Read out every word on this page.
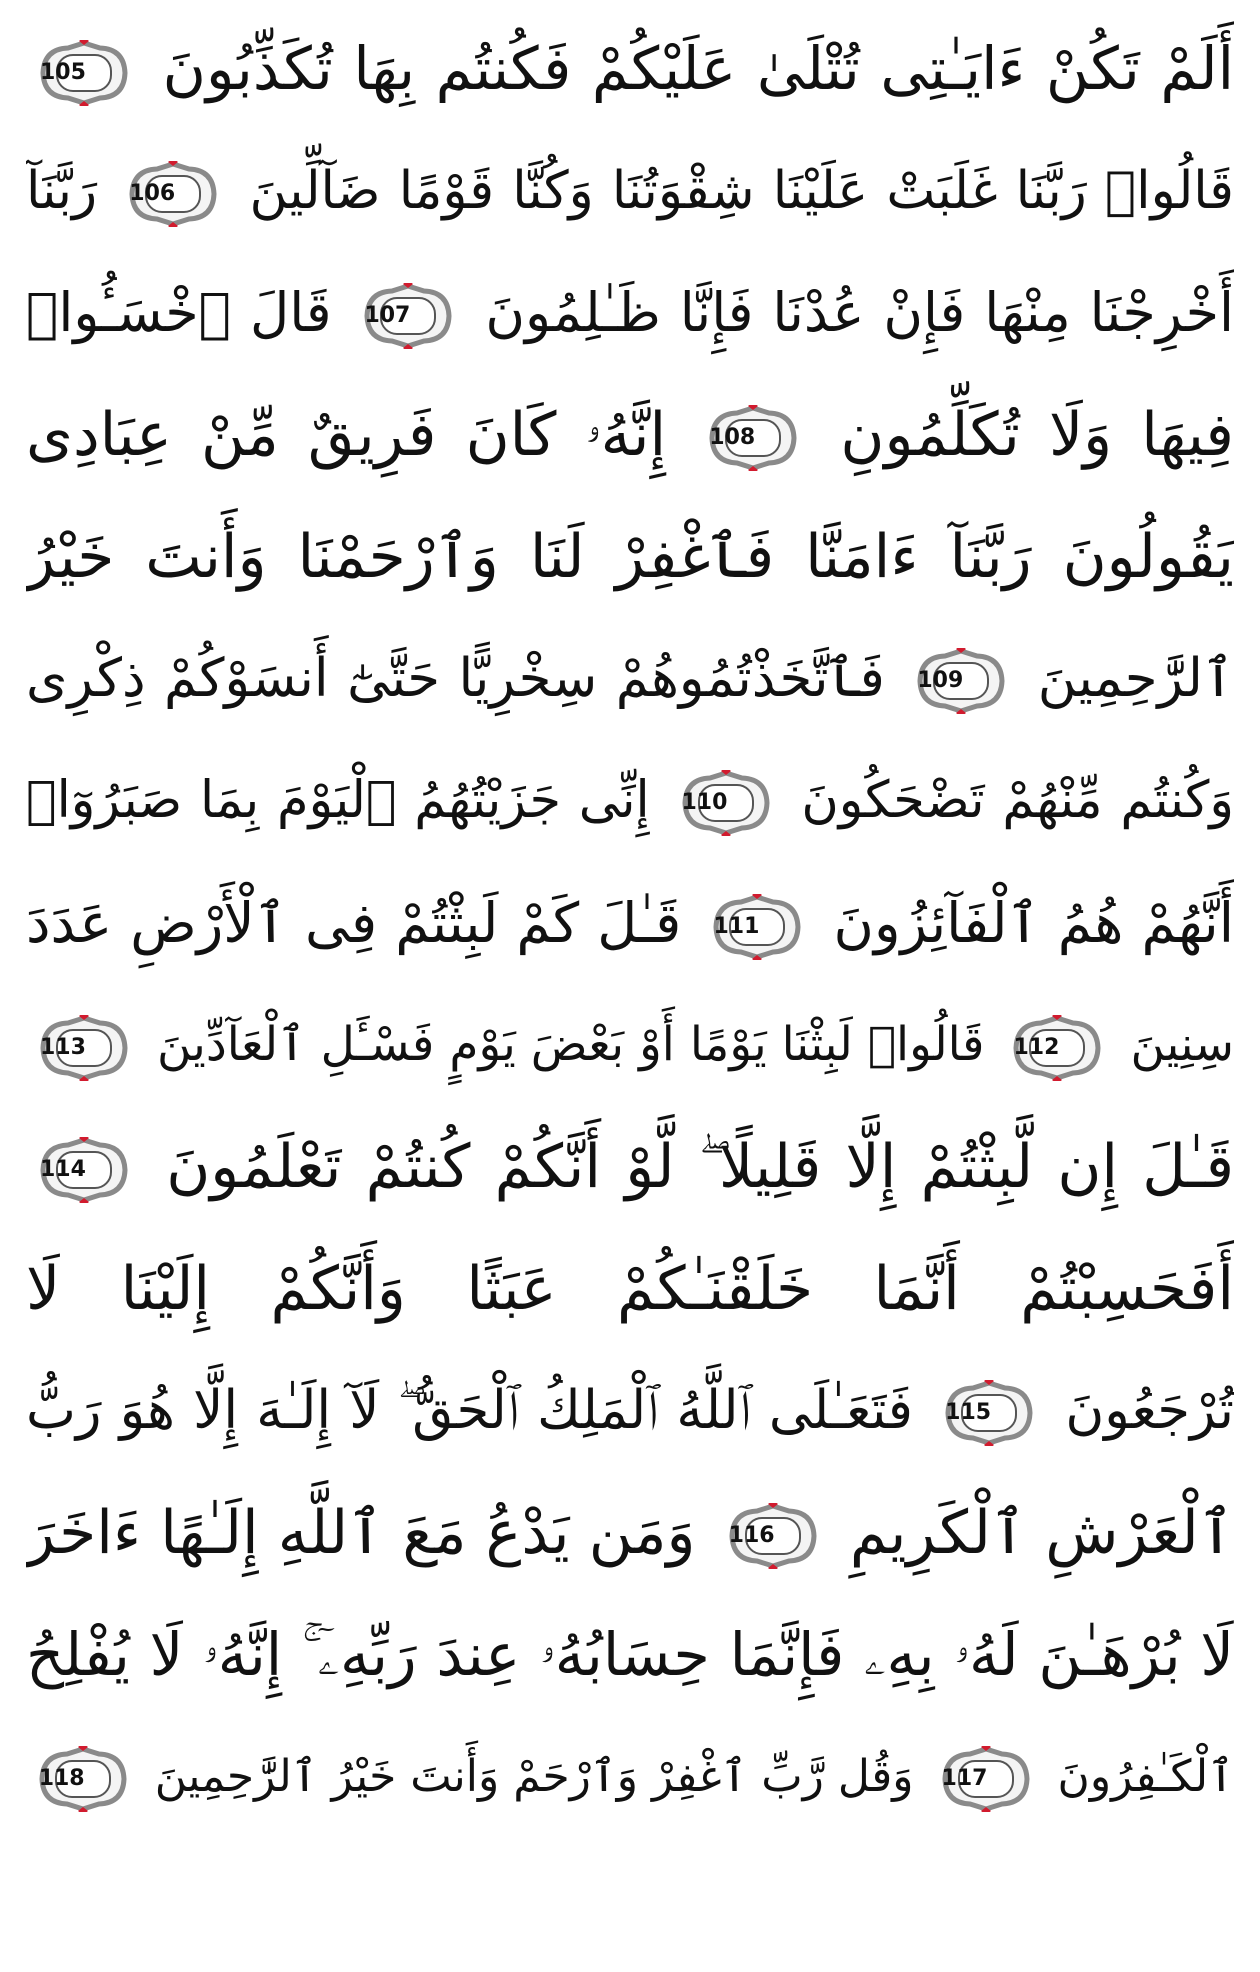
أَلَمْ تَكُنْ ءَايَـٰتِى تُتْلَىٰ عَلَيْكُمْ فَكُنتُم بِهَا تُكَذِّبُونَ
105
قَالُوا۟ رَبَّنَا غَلَبَتْ عَلَيْنَا شِقْوَتُنَا وَكُنَّا قَوْمًا ضَآلِّينَ
106
رَبَّنَآ
أَخْرِجْنَا مِنْهَا فَإِنْ عُدْنَا فَإِنَّا ظَـٰلِمُونَ
107
قَالَ ٱخْسَـُٔوا۟
فِيهَا وَلَا تُكَلِّمُونِ
108
إِنَّهُۥ كَانَ فَرِيقٌ مِّنْ عِبَادِى
يَقُولُونَ رَبَّنَآ ءَامَنَّا فَٱغْفِرْ لَنَا وَٱرْحَمْنَا وَأَنتَ خَيْرُ
ٱلرَّٰحِمِينَ
109
فَٱتَّخَذْتُمُوهُمْ سِخْرِيًّا حَتَّىٰٓ أَنسَوْكُمْ ذِكْرِى
وَكُنتُم مِّنْهُمْ تَضْحَكُونَ
110
إِنِّى جَزَيْتُهُمُ ٱلْيَوْمَ بِمَا صَبَرُوٓا۟
أَنَّهُمْ هُمُ ٱلْفَآئِزُونَ
111
قَـٰلَ كَمْ لَبِثْتُمْ فِى ٱلْأَرْضِ عَدَدَ
سِنِينَ
112
قَالُوا۟ لَبِثْنَا يَوْمًا أَوْ بَعْضَ يَوْمٍ فَسْـَٔلِ ٱلْعَآدِّينَ
113
قَـٰلَ إِن لَّبِثْتُمْ إِلَّا قَلِيلًا ۖ لَّوْ أَنَّكُمْ كُنتُمْ تَعْلَمُونَ
114
أَفَحَسِبْتُمْ أَنَّمَا خَلَقْنَـٰكُمْ عَبَثًا وَأَنَّكُمْ إِلَيْنَا لَا
تُرْجَعُونَ
115
فَتَعَـٰلَى ٱللَّهُ ٱلْمَلِكُ ٱلْحَقُّ ۖ لَآ إِلَـٰهَ إِلَّا هُوَ رَبُّ
ٱلْعَرْشِ ٱلْكَرِيمِ
116
وَمَن يَدْعُ مَعَ ٱللَّهِ إِلَـٰهًا ءَاخَرَ
لَا بُرْهَـٰنَ لَهُۥ بِهِۦ فَإِنَّمَا حِسَابُهُۥ عِندَ رَبِّهِۦٓ ۚ إِنَّهُۥ لَا يُفْلِحُ
ٱلْكَـٰفِرُونَ
117
وَقُل رَّبِّ ٱغْفِرْ وَٱرْحَمْ وَأَنتَ خَيْرُ ٱلرَّٰحِمِينَ
118
